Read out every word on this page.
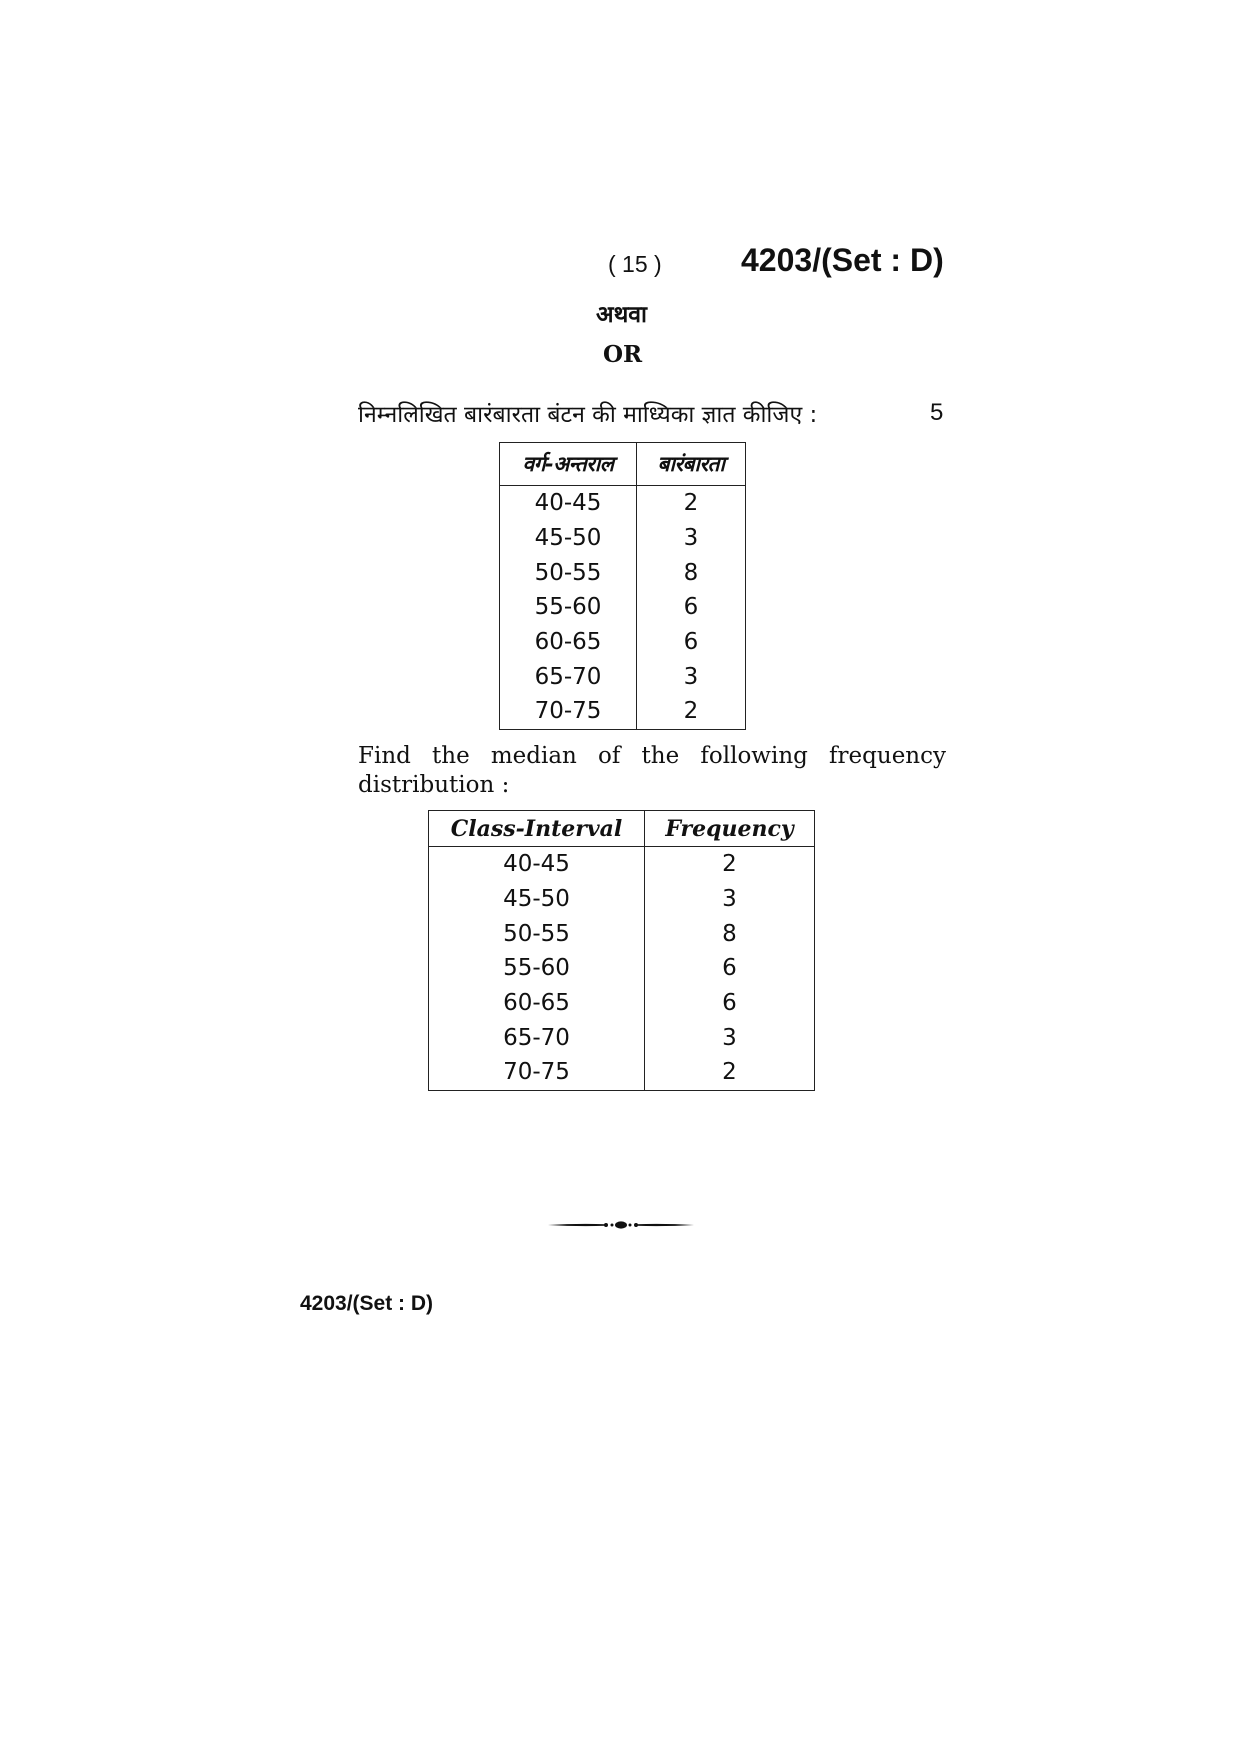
( 15 ) 4203/(Set : D)
अथवा
OR
निम्नलिखित बारंबारता बंटन की माध्यिका ज्ञात कीजिए :	5
वर्ग-अन्तराल	बारंबारता
40-45	2
45-50	3
50-55	8
55-60	6
60-65	6
65-70	3
70-75	2
Find the median of the following frequency distribution :
Class-Interval	Frequency
40-45	2
45-50	3
50-55	8
55-60	6
60-65	6
65-70	3
70-75	2
4203/(Set : D)
